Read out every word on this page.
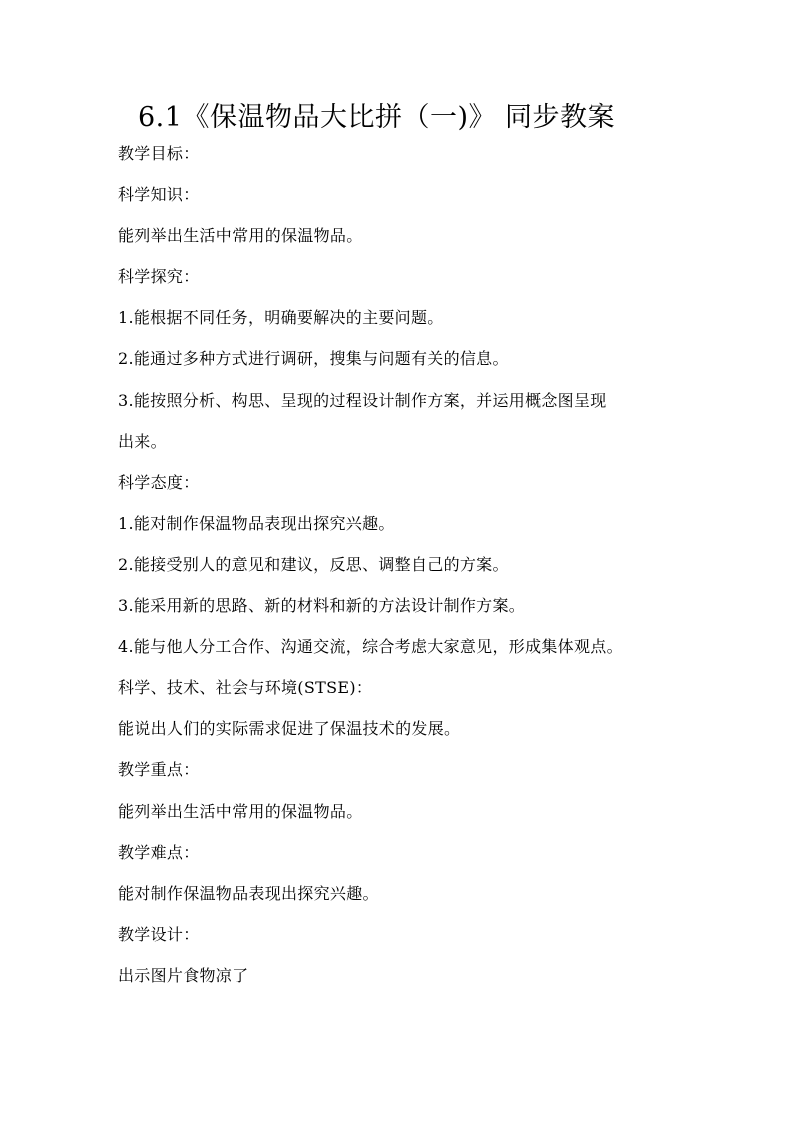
6.1《保温物品大比拼（一)》 同步教案
教学目标：
科学知识：
能列举出生活中常用的保温物品。
科学探究：
1.能根据不同任务，明确要解决的主要问题。
2.能通过多种方式进行调研，搜集与问题有关的信息。
3.能按照分析、构思、呈现的过程设计制作方案，并运用概念图呈现
出来。
科学态度：
1.能对制作保温物品表现出探究兴趣。
2.能接受别人的意见和建议，反思、调整自己的方案。
3.能采用新的思路、新的材料和新的方法设计制作方案。
4.能与他人分工合作、沟通交流，综合考虑大家意见，形成集体观点。
科学、技术、社会与环境(STSE)：
能说出人们的实际需求促进了保温技术的发展。
教学重点：
能列举出生活中常用的保温物品。
教学难点：
能对制作保温物品表现出探究兴趣。
教学设计：
出示图片食物凉了
